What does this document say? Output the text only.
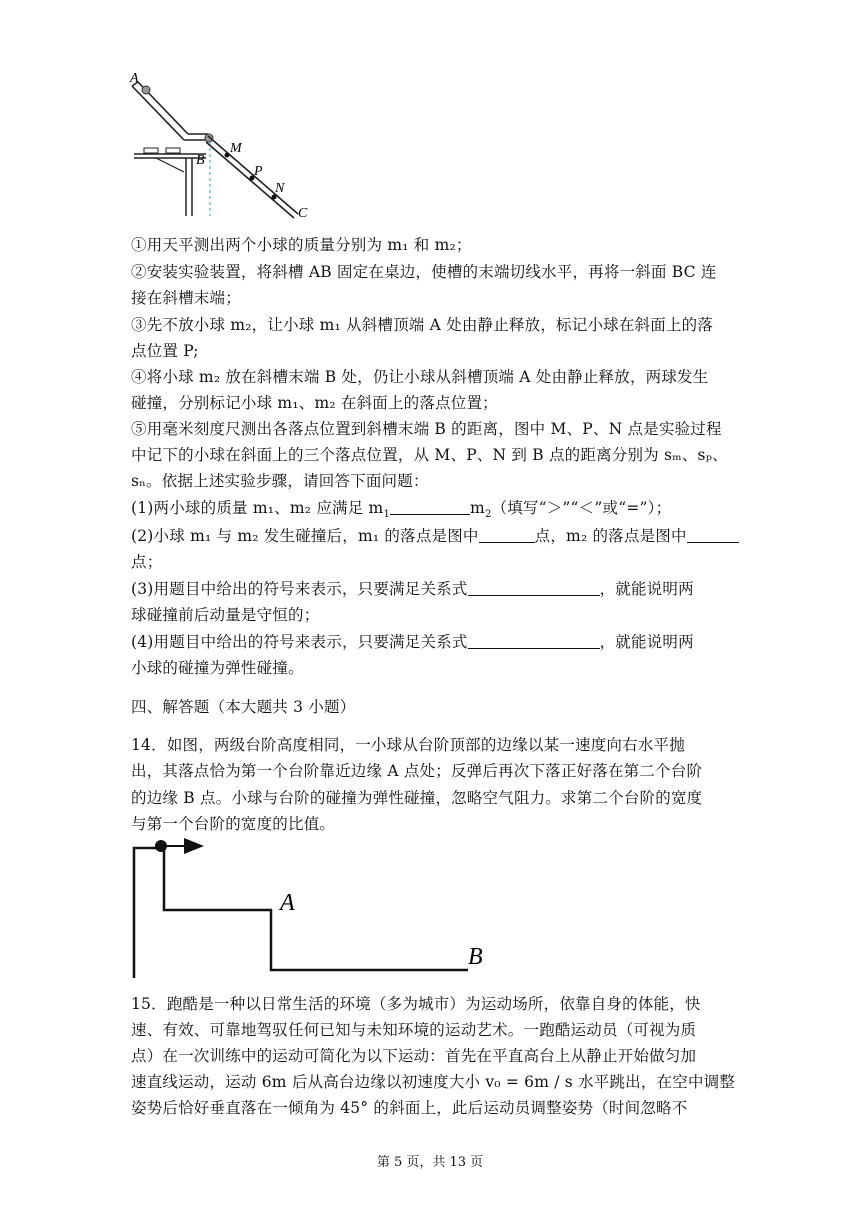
A
B
M
P
N
C
①用天平测出两个小球的质量分别为 m₁ 和 m₂；
②安装实验装置，将斜槽 AB 固定在桌边，使槽的末端切线水平，再将一斜面 BC 连
接在斜槽末端；
③先不放小球 m₂，让小球 m₁ 从斜槽顶端 A 处由静止释放，标记小球在斜面上的落
点位置 P;
④将小球 m₂ 放在斜槽末端 B 处，仍让小球从斜槽顶端 A 处由静止释放，两球发生
碰撞，分别标记小球 m₁、m₂ 在斜面上的落点位置；
⑤用毫米刻度尺测出各落点位置到斜槽末端 B 的距离，图中 M、P、N 点是实验过程
中记下的小球在斜面上的三个落点位置，从 M、P、N 到 B 点的距离分别为 sₘ、sₚ、
sₙ。依据上述实验步骤，请回答下面问题：
(1)两小球的质量 m₁、m₂ 应满足 $m_1$	$m_2$（填写“＞”“＜”或“=”）；
(2)小球 m₁ 与 m₂ 发生碰撞后，m₁ 的落点是图中	点，m₂ 的落点是图中
点；
(3)用题目中给出的符号来表示，只要满足关系式	，就能说明两
球碰撞前后动量是守恒的；
(4)用题目中给出的符号来表示，只要满足关系式	，就能说明两
小球的碰撞为弹性碰撞。
四、解答题（本大题共 3 小题）
14．如图，两级台阶高度相同，一小球从台阶顶部的边缘以某一速度向右水平抛
出，其落点恰为第一个台阶靠近边缘 A 点处；反弹后再次下落正好落在第二个台阶
的边缘 B 点。小球与台阶的碰撞为弹性碰撞，忽略空气阻力。求第二个台阶的宽度
与第一个台阶的宽度的比值。
A
B
15．跑酷是一种以日常生活的环境（多为城市）为运动场所，依靠自身的体能，快
速、有效、可靠地驾驭任何已知与未知环境的运动艺术。一跑酷运动员（可视为质
点）在一次训练中的运动可简化为以下运动：首先在平直高台上从静止开始做匀加
速直线运动，运动 6m 后从高台边缘以初速度大小 v₀ = 6m / s 水平跳出，在空中调整
姿势后恰好垂直落在一倾角为 45° 的斜面上，此后运动员调整姿势（时间忽略不
第 5 页，共 13 页
